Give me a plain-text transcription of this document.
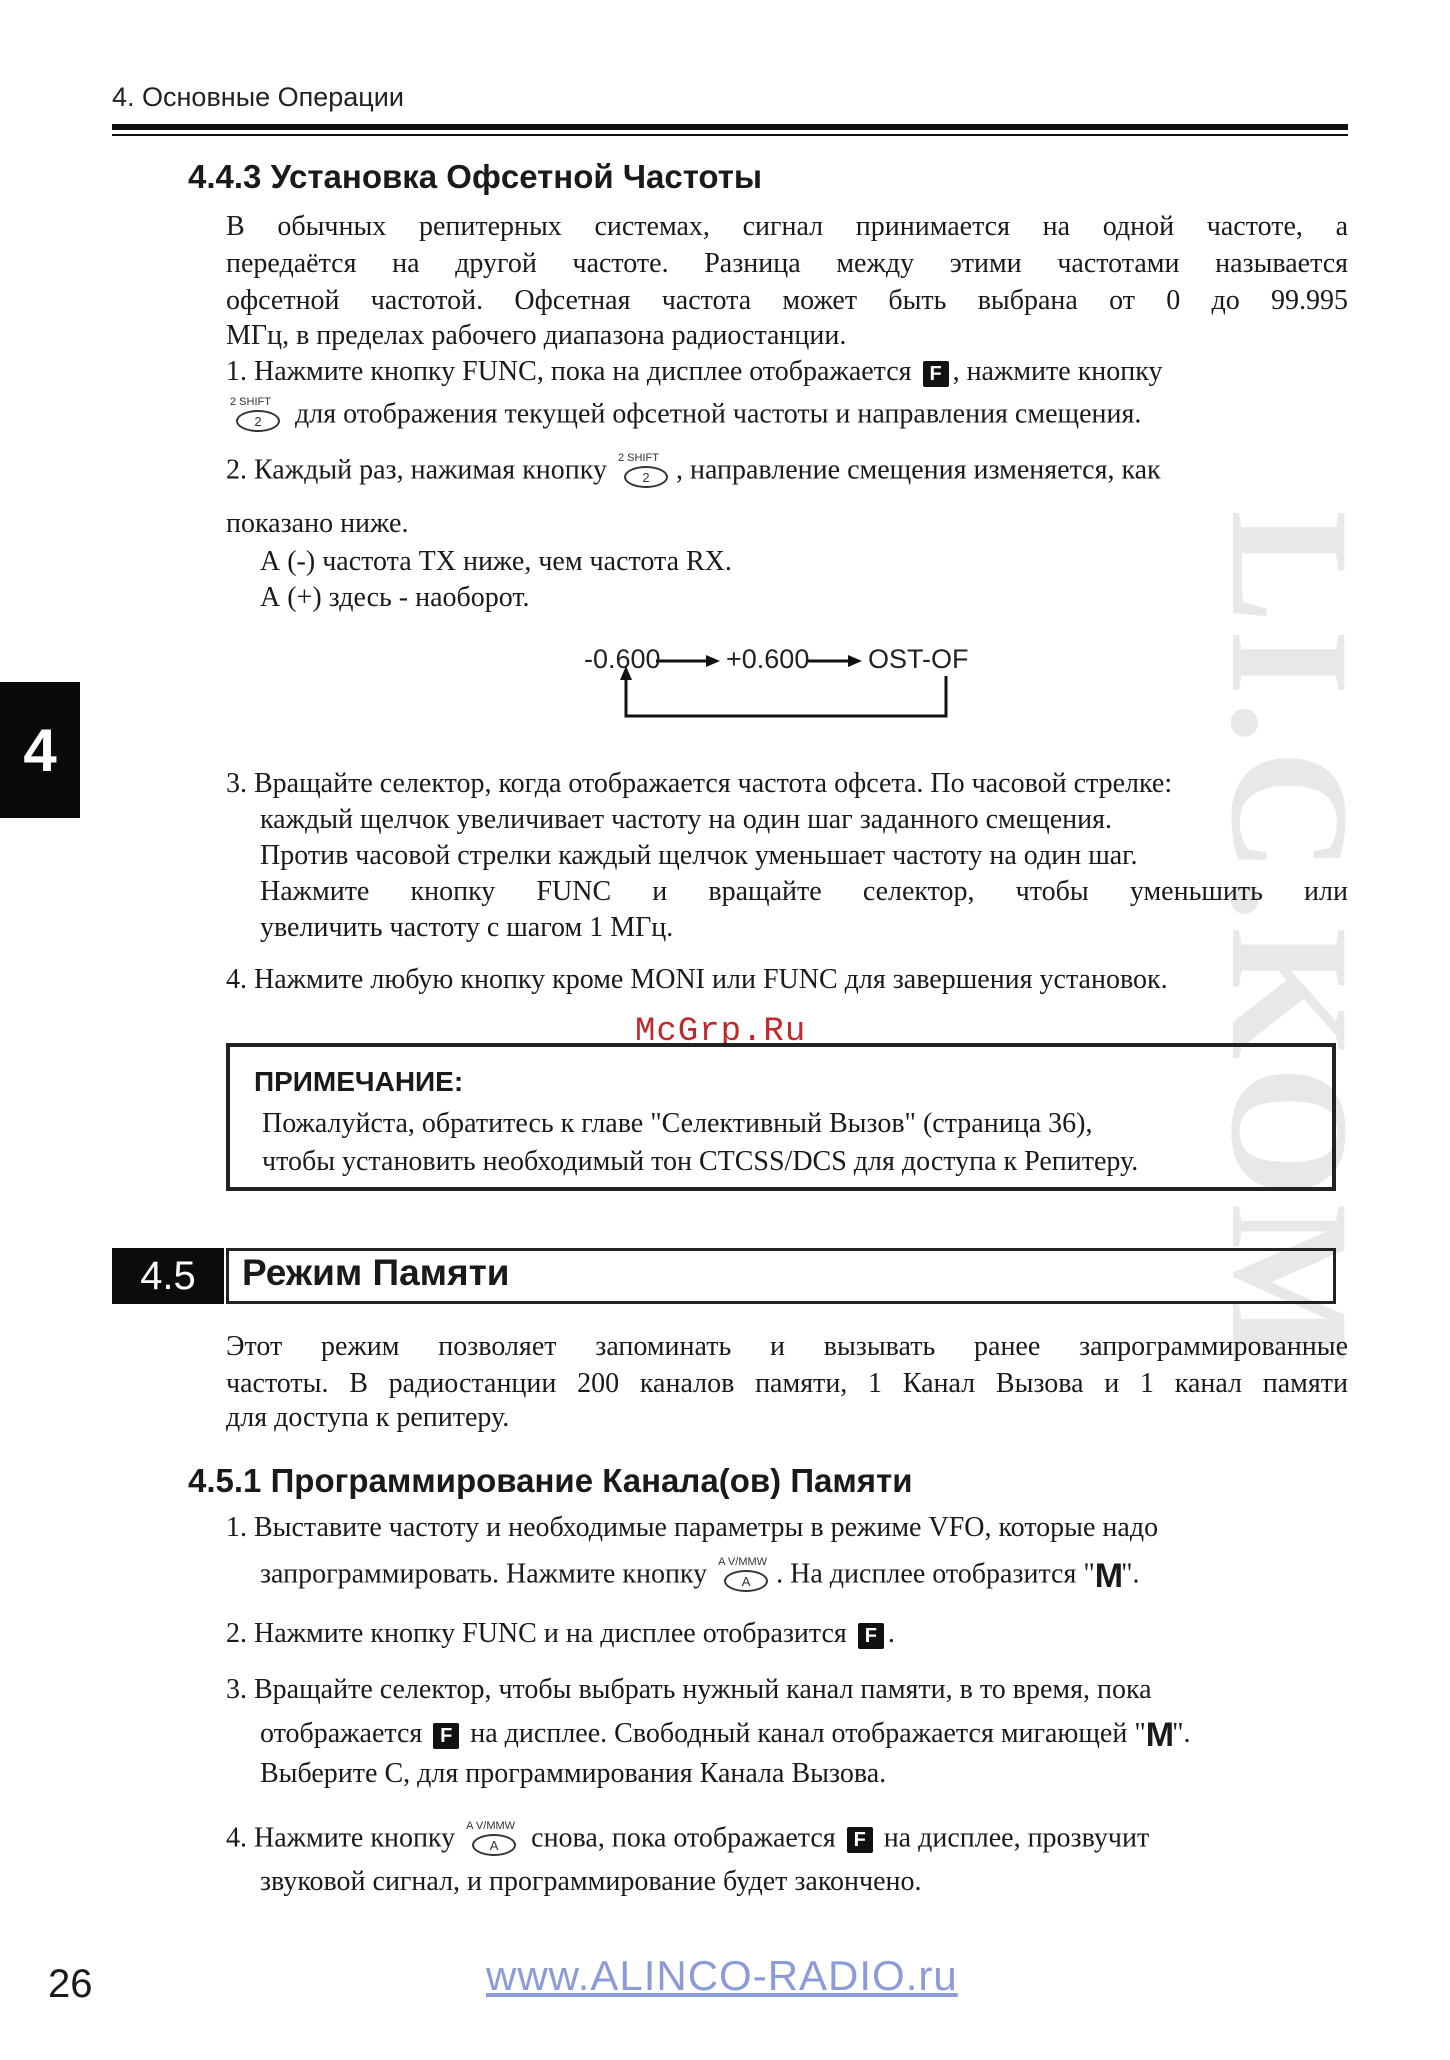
4. Основные Операции
4	LI.C.KOM
4.4.3 Установка Офсетной Частоты
В обычных репитерных системах, сигнал принимается на одной частоте, а
передаётся на другой частоте. Разница между этими частотами называется
офсетной частотой. Офсетная частота может быть выбрана от 0 до 99.995
МГц, в пределах рабочего диапазона радиостанции.
1. Нажмите кнопку FUNC, пока на дисплее отображается F , нажмите кнопку
2 SHIFT
2 для отображения текущей офсетной частоты и направления смещения.
2. Каждый раз, нажимая кнопку 2 SHIFT
2 , направление смещения изменяется, как
показано ниже.
А (-) частота TX ниже, чем частота RX.
А (+) здесь - наоборот.
-0.600 +0.600 OST-OF
3. Вращайте селектор, когда отображается частота офсета. По часовой стрелке:
каждый щелчок увеличивает частоту на один шаг заданного смещения.
Против часовой стрелки каждый щелчок уменьшает частоту на один шаг.
Нажмите кнопку FUNC и вращайте селектор, чтобы уменьшить или
увеличить частоту с шагом 1 МГц.
4. Нажмите любую кнопку кроме MONI или FUNC для завершения установок.
McGrp.Ru
ПРИМЕЧАНИЕ:
Пожалуйста, обратитесь к главе "Селективный Вызов" (страница 36),
чтобы установить необходимый тон CTCSS/DCS для доступа к Репитеру.
4.5	Режим Памяти
Этот режим позволяет запоминать и вызывать ранее запрограммированные
частоты. В радиостанции 200 каналов памяти, 1 Канал Вызова и 1 канал памяти
для доступа к репитеру.
4.5.1 Программирование Канала(ов) Памяти
1. Выставите частоту и необходимые параметры в режиме VFO, которые надо
запрограммировать. Нажмите кнопку A V/MMW
A . На дисплее отобразится "M".
2. Нажмите кнопку FUNC и на дисплее отобразится F .
3. Вращайте селектор, чтобы выбрать нужный канал памяти, в то время, пока
отображается F на дисплее. Свободный канал отображается мигающей "M".
Выберите C, для программирования Канала Вызова.
4. Нажмите кнопку A V/MMW
A снова, пока отображается F на дисплее, прозвучит
звуковой сигнал, и программирование будет закончено.
26	www.ALINCO-RADIO.ru
